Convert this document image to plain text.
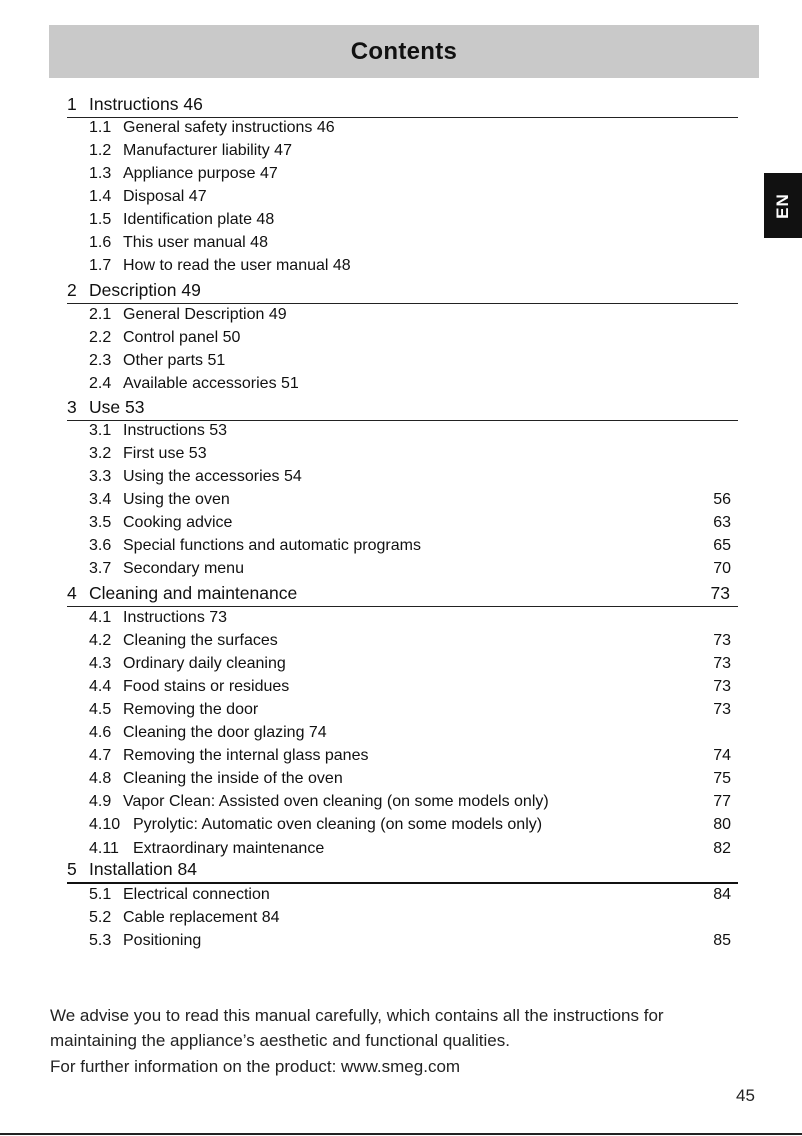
Contents
EN
1 Instructions 46
1.1 General safety instructions 46
1.2 Manufacturer liability 47
1.3 Appliance purpose 47
1.4 Disposal 47
1.5 Identification plate 48
1.6 This user manual 48
1.7 How to read the user manual 48
2 Description 49
2.1 General Description 49
2.2 Control panel 50
2.3 Other parts 51
2.4 Available accessories 51
3 Use 53
3.1 Instructions 53
3.2 First use 53
3.3 Using the accessories 54
3.4 Using the oven	56
3.5 Cooking advice	63
3.6 Special functions and automatic programs	65
3.7 Secondary menu	70
4 Cleaning and maintenance	73
4.1 Instructions 73
4.2 Cleaning the surfaces	73
4.3 Ordinary daily cleaning	73
4.4 Food stains or residues	73
4.5 Removing the door	73
4.6 Cleaning the door glazing 74
4.7 Removing the internal glass panes	74
4.8 Cleaning the inside of the oven	75
4.9 Vapor Clean: Assisted oven cleaning (on some models only)	77
4.10 Pyrolytic: Automatic oven cleaning (on some models only)	80
4.11 Extraordinary maintenance	82
5 Installation 84
5.1 Electrical connection	84
5.2 Cable replacement 84
5.3 Positioning	85

We advise you to read this manual carefully, which contains all the instructions for

maintaining the appliance’s aesthetic and functional qualities.

For further information on the product: www.smeg.com

45
